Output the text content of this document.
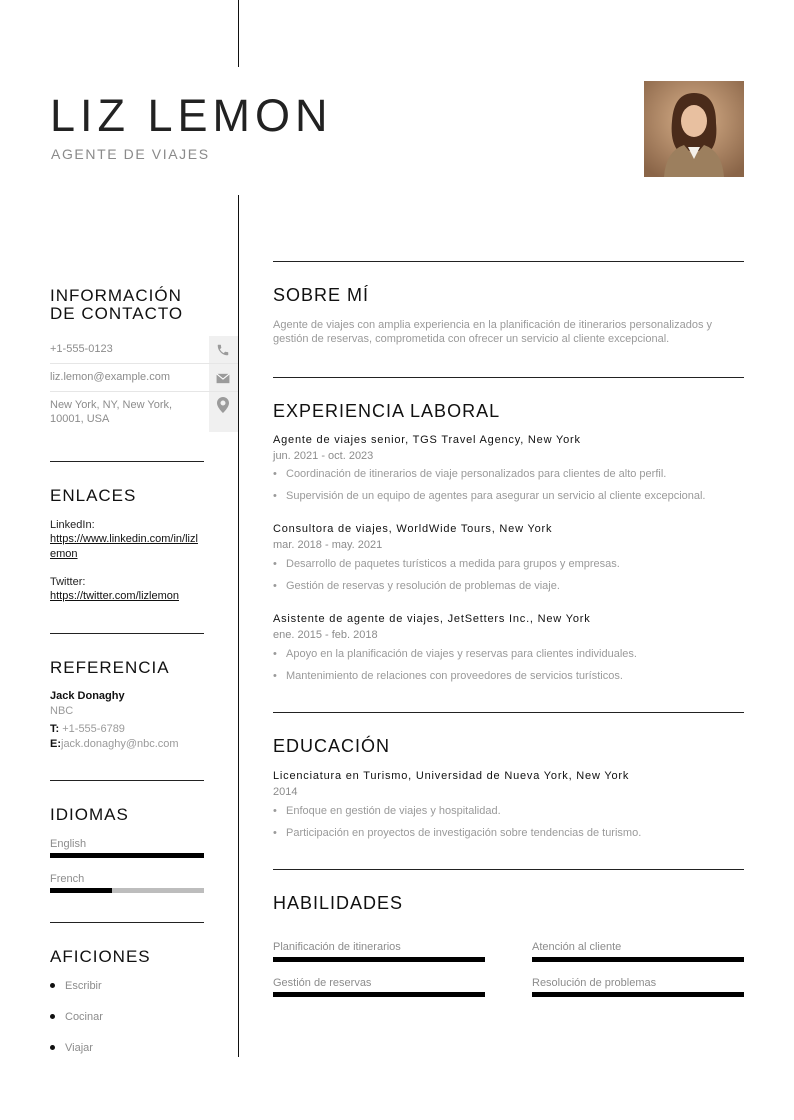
LIZ LEMON
AGENTE DE VIAJES
INFORMACIÓN
DE CONTACTO
+1-555-0123
liz.lemon@example.com
New York, NY, New York, 10001, USA
ENLACES
LinkedIn:
https://www.linkedin.com/in/lizlemon
Twitter:
https://twitter.com/lizlemon
REFERENCIA
Jack Donaghy
NBC
T: +1-555-6789
E:jack.donaghy@nbc.com
IDIOMAS
English
French
AFICIONES
Escribir
Cocinar
Viajar
SOBRE MÍ
Agente de viajes con amplia experiencia en la planificación de itinerarios personalizados y gestión de reservas, comprometida con ofrecer un servicio al cliente excepcional.
EXPERIENCIA LABORAL
Agente de viajes senior, TGS Travel Agency, New York
jun. 2021 - oct. 2023
• Coordinación de itinerarios de viaje personalizados para clientes de alto perfil.
• Supervisión de un equipo de agentes para asegurar un servicio al cliente excepcional.
Consultora de viajes, WorldWide Tours, New York
mar. 2018 - may. 2021
• Desarrollo de paquetes turísticos a medida para grupos y empresas.
• Gestión de reservas y resolución de problemas de viaje.
Asistente de agente de viajes, JetSetters Inc., New York
ene. 2015 - feb. 2018
• Apoyo en la planificación de viajes y reservas para clientes individuales.
• Mantenimiento de relaciones con proveedores de servicios turísticos.
EDUCACIÓN
Licenciatura en Turismo, Universidad de Nueva York, New York
2014
• Enfoque en gestión de viajes y hospitalidad.
• Participación en proyectos de investigación sobre tendencias de turismo.
HABILIDADES
Planificación de itinerarios	Atención al cliente
Gestión de reservas	Resolución de problemas
